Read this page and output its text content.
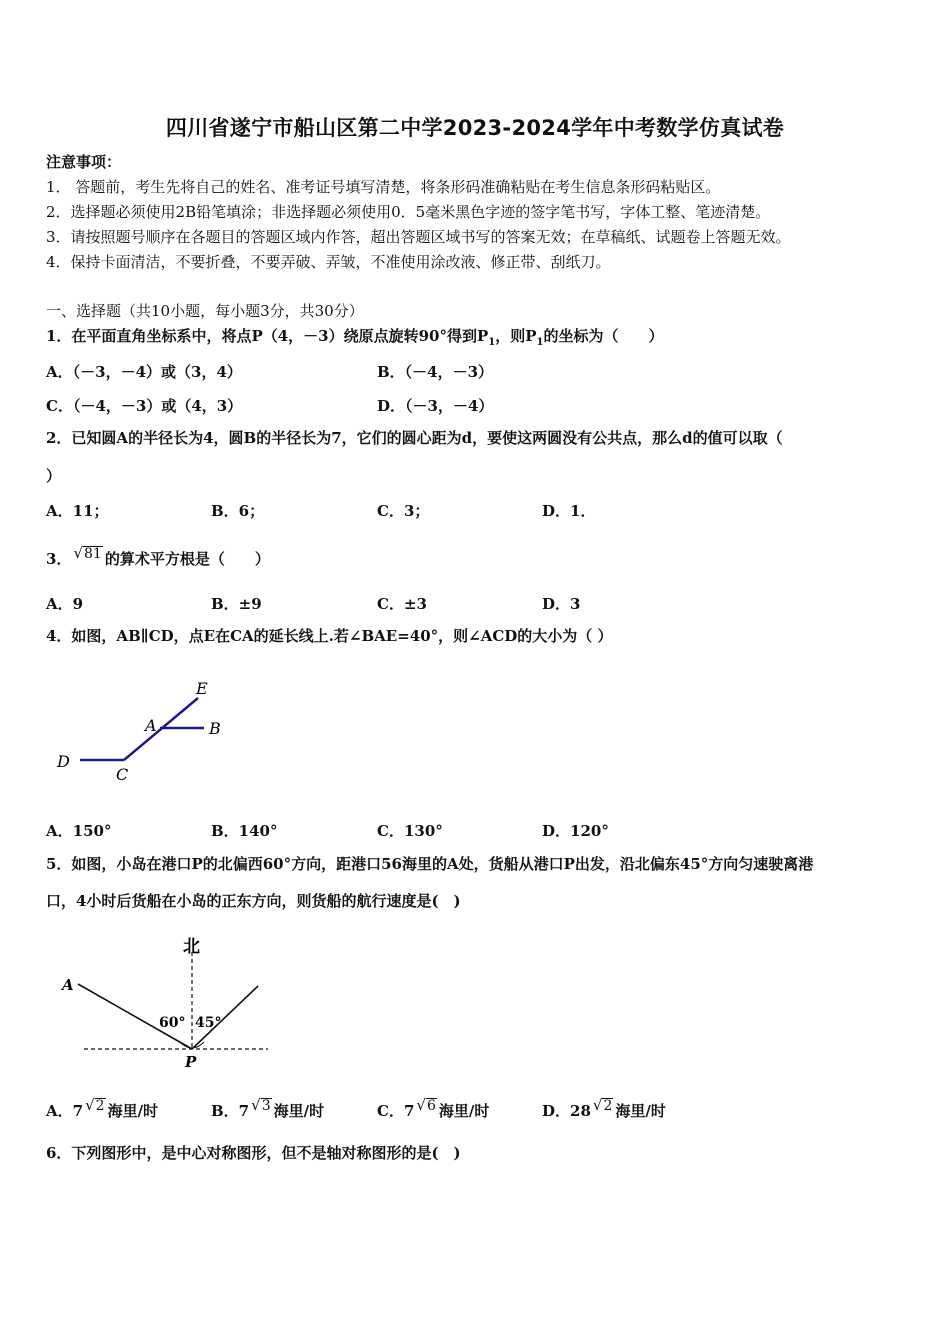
四川省遂宁市船山区第二中学2023-2024学年中考数学仿真试卷
注意事项：
1． 答题前，考生先将自己的姓名、准考证号填写清楚，将条形码准确粘贴在考生信息条形码粘贴区。
2．选择题必须使用2B铅笔填涂；非选择题必须使用0．5毫米黑色字迹的签字笔书写，字体工整、笔迹清楚。
3．请按照题号顺序在各题目的答题区域内作答，超出答题区域书写的答案无效；在草稿纸、试题卷上答题无效。
4．保持卡面清洁，不要折叠，不要弄破、弄皱，不准使用涂改液、修正带、刮纸刀。
一、选择题（共10小题，每小题3分，共30分）
1．在平面直角坐标系中，将点P（4，－3）绕原点旋转90°得到$P_1$，则$P_1$的坐标为（　　）
A．（－3，－4）或（3，4）	B．（－4，－3）
C．（－4，－3）或（4，3）	D．（－3，－4）
2．已知圆A的半径长为4，圆B的半径长为7，它们的圆心距为d，要使这两圆没有公共点，那么d的值可以取（
）
A．11；	B．6；	C．3；	D．1．
3． √81 的算术平方根是（　　）
A．9	B．±9	C．±3	D．3
4．如图，AB∥CD，点E在CA的延长线上.若∠BAE=40°，则∠ACD的大小为（ ）
E
A	B
D
C
A．150°	B．140°	C．130°	D．120°
5．如图，小岛在港口P的北偏西60°方向，距港口56海里的A处，货船从港口P出发，沿北偏东45°方向匀速驶离港
口，4小时后货船在小岛的正东方向，则货船的航行速度是(　)
北
A
P
60° 45°
A．7 √2 海里/时	B．7 √3 海里/时	C．7 √6 海里/时	D．28 √2 海里/时
6．下列图形中，是中心对称图形，但不是轴对称图形的是(　)
